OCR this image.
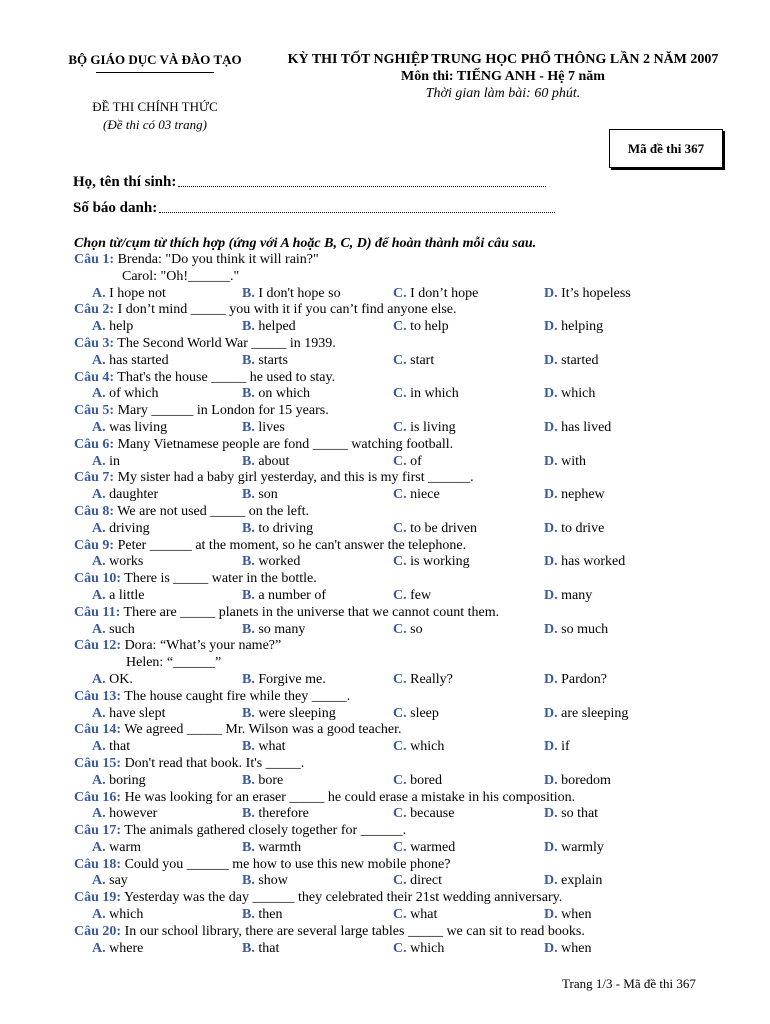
BỘ GIÁO DỤC VÀ ĐÀO TẠO
ĐỀ THI CHÍNH THỨC
(Đề thi có 03 trang)
KỲ THI TỐT NGHIỆP TRUNG HỌC PHỔ THÔNG LẦN 2 NĂM 2007
Môn thi: TIẾNG ANH - Hệ 7 năm
Thời gian làm bài: 60 phút.
Mã đề thi 367
Họ, tên thí sinh:
Số báo danh:
Chọn từ/cụm từ thích hợp (ứng với A hoặc B, C, D) để hoàn thành mỗi câu sau.
Câu 1: Brenda: "Do you think it will rain?"
Carol: "Oh!______."
A. I hope not	B. I don't hope so	C. I don’t hope	D. It’s hopeless
Câu 2: I don’t mind _____ you with it if you can’t find anyone else.
A. help	B. helped	C. to help	D. helping
Câu 3: The Second World War _____ in 1939.
A. has started	B. starts	C. start	D. started
Câu 4: That's the house _____ he used to stay.
A. of which	B. on which	C. in which	D. which
Câu 5: Mary ______ in London for 15 years.
A. was living	B. lives	C. is living	D. has lived
Câu 6: Many Vietnamese people are fond _____ watching football.
A. in	B. about	C. of	D. with
Câu 7: My sister had a baby girl yesterday, and this is my first ______.
A. daughter	B. son	C. niece	D. nephew
Câu 8: We are not used _____ on the left.
A. driving	B. to driving	C. to be driven	D. to drive
Câu 9: Peter ______ at the moment, so he can't answer the telephone.
A. works	B. worked	C. is working	D. has worked
Câu 10: There is _____ water in the bottle.
A. a little	B. a number of	C. few	D. many
Câu 11: There are _____ planets in the universe that we cannot count them.
A. such	B. so many	C. so	D. so much
Câu 12: Dora: “What’s your name?”
Helen: “______”
A. OK.	B. Forgive me.	C. Really?	D. Pardon?
Câu 13: The house caught fire while they _____.
A. have slept	B. were sleeping	C. sleep	D. are sleeping
Câu 14: We agreed _____ Mr. Wilson was a good teacher.
A. that	B. what	C. which	D. if
Câu 15: Don't read that book. It's _____.
A. boring	B. bore	C. bored	D. boredom
Câu 16: He was looking for an eraser _____ he could erase a mistake in his composition.
A. however	B. therefore	C. because	D. so that
Câu 17: The animals gathered closely together for ______.
A. warm	B. warmth	C. warmed	D. warmly
Câu 18: Could you ______ me how to use this new mobile phone?
A. say	B. show	C. direct	D. explain
Câu 19: Yesterday was the day ______ they celebrated their 21st wedding anniversary.
A. which	B. then	C. what	D. when
Câu 20: In our school library, there are several large tables _____ we can sit to read books.
A. where	B. that	C. which	D. when
Trang 1/3 - Mã đề thi 367
